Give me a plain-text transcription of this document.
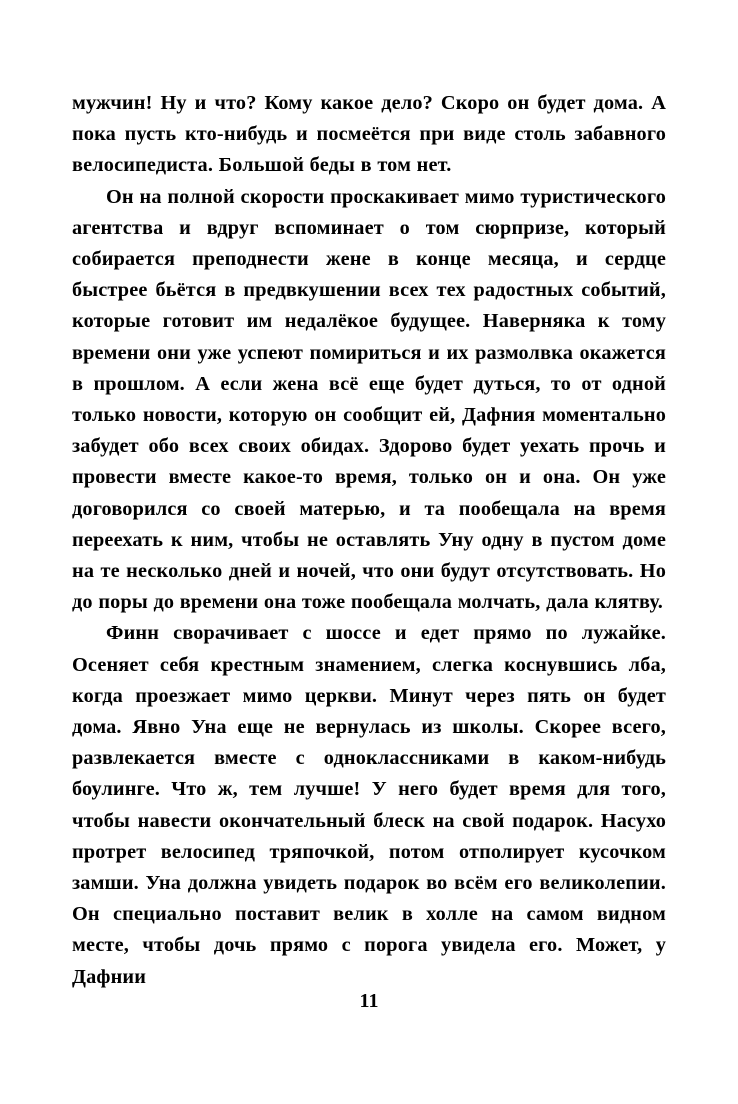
мужчин! Ну и что? Кому какое дело? Скоро он будет дома. А пока пусть кто-нибудь и посмеётся при виде столь забавного велосипедиста. Большой беды в том нет.

Он на полной скорости проскакивает мимо туристического агентства и вдруг вспоминает о том сюрпризе, который собирается преподнести жене в конце месяца, и сердце быстрее бьётся в предвкушении всех тех радостных событий, которые готовит им недалёкое будущее. Наверняка к тому времени они уже успеют помириться и их размолвка окажется в прошлом. А если жена всё еще будет дуться, то от одной только новости, которую он сообщит ей, Дафния моментально забудет обо всех своих обидах. Здорово будет уехать прочь и провести вместе какое-то время, только он и она. Он уже договорился со своей матерью, и та пообещала на время переехать к ним, чтобы не оставлять Уну одну в пустом доме на те несколько дней и ночей, что они будут отсутствовать. Но до поры до времени она тоже пообещала молчать, дала клятву.

Финн сворачивает с шоссе и едет прямо по лужайке. Осеняет себя крестным знамением, слегка коснувшись лба, когда проезжает мимо церкви. Минут через пять он будет дома. Явно Уна еще не вернулась из школы. Скорее всего, развлекается вместе с одноклассниками в каком-нибудь боулинге. Что ж, тем лучше! У него будет время для того, чтобы навести окончательный блеск на свой подарок. Насухо протрет велосипед тряпочкой, потом отполирует кусочком замши. Уна должна увидеть подарок во всём его великолепии. Он специально поставит велик в холле на самом видном месте, чтобы дочь прямо с порога увидела его. Может, у Дафнии

11
